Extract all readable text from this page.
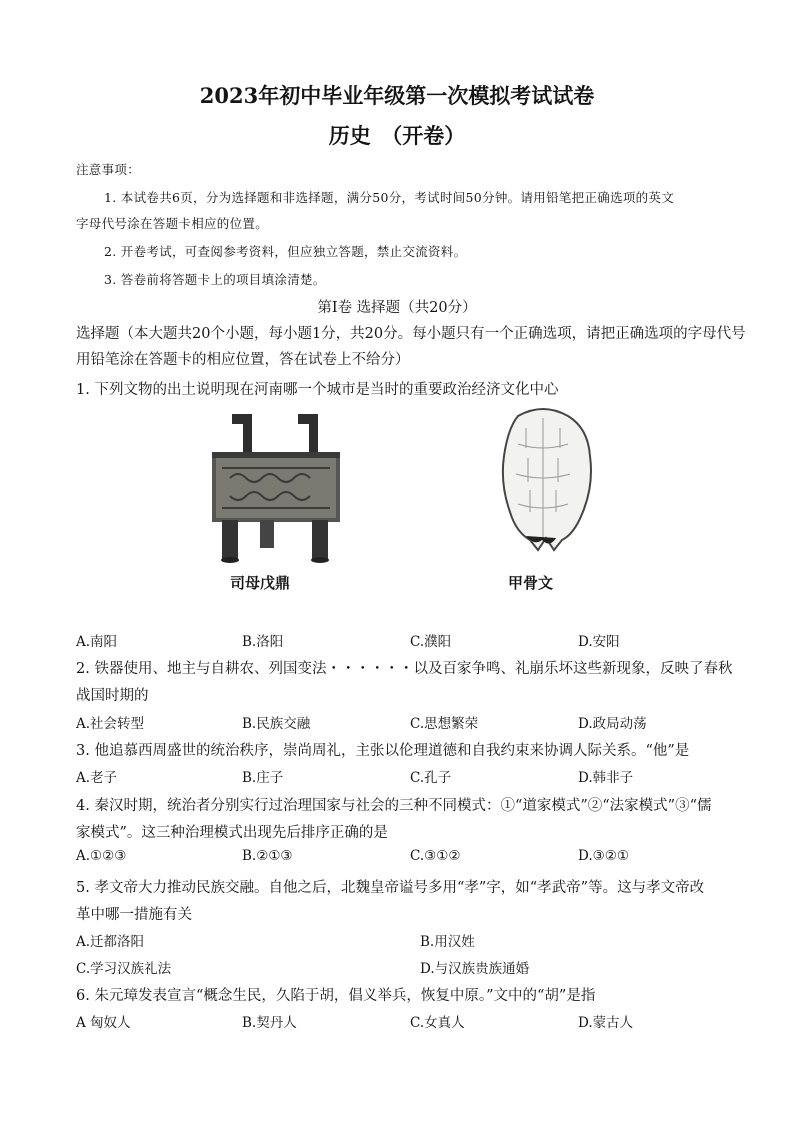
2023年初中毕业年级第一次模拟考试试卷
历史　（开卷）
注意事项：
1. 本试卷共6页，分为选择题和非选择题，满分50分，考试时间50分钟。请用铅笔把正确选项的英文
字母代号涂在答题卡相应的位置。
2. 开卷考试，可查阅参考资料，但应独立答题，禁止交流资料。
3. 答卷前将答题卡上的项目填涂清楚。
第Ⅰ卷 选择题（共20分）
选择题（本大题共20个小题，每小题1分，共20分。每小题只有一个正确选项，请把正确选项的字母代号
用铅笔涂在答题卡的相应位置，答在试卷上不给分）
1. 下列文物的出土说明现在河南哪一个城市是当时的重要政治经济文化中心
司母戊鼎	甲骨文
A.南阳	B.洛阳	C.濮阳	D.安阳
2. 铁器使用、地主与自耕农、列国变法・・・・・・以及百家争鸣、礼崩乐坏这些新现象，反映了春秋
战国时期的
A.社会转型	B.民族交融	C.思想繁荣	D.政局动荡
3. 他追慕西周盛世的统治秩序，崇尚周礼，主张以伦理道德和自我约束来协调人际关系。“他”是
A.老子	B.庄子	C.孔子	D.韩非子
4. 秦汉时期，统治者分别实行过治理国家与社会的三种不同模式：①“道家模式”②“法家模式”③“儒
家模式”。这三种治理模式出现先后排序正确的是
A.①②③	B.②①③	C.③①②	D.③②①
5. 孝文帝大力推动民族交融。自他之后，北魏皇帝谥号多用“孝”字，如“孝武帝”等。这与孝文帝改
革中哪一措施有关
A.迁都洛阳	B.用汉姓
C.学习汉族礼法	D.与汉族贵族通婚
6. 朱元璋发表宣言“概念生民，久陷于胡，倡义举兵，恢复中原。”文中的“胡”是指
A 匈奴人	B.契丹人	C.女真人	D.蒙古人
